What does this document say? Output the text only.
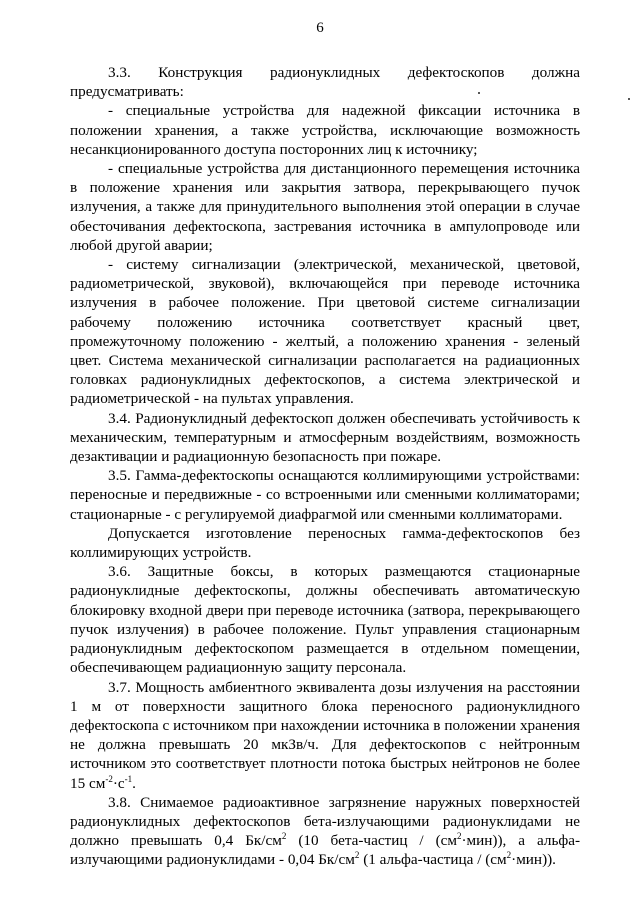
6

3.3. Конструкция радионуклидных дефектоскопов должна предусматривать:

- специальные устройства для надежной фиксации источника в положении хранения, а также устройства, исключающие возможность несанкционированного доступа посторонних лиц к источнику;

- специальные устройства для дистанционного перемещения источника в положение хранения или закрытия затвора, перекрывающего пучок излучения, а также для принудительного выполнения этой операции в случае обесточивания дефектоскопа, застревания источника в ампулопроводе или любой другой аварии;

- систему сигнализации (электрической, механической, цветовой, радиометрической, звуковой), включающейся при переводе источника излучения в рабочее положение. При цветовой системе сигнализации рабочему положению источника соответствует красный цвет, промежуточному положению - желтый, а положению хранения - зеленый цвет. Система механической сигнализации располагается на радиационных головках радионуклидных дефектоскопов, а система электрической и радиометрической - на пультах управления.

3.4. Радионуклидный дефектоскоп должен обеспечивать устойчивость к механическим, температурным и атмосферным воздействиям, возможность дезактивации и радиационную безопасность при пожаре.

3.5. Гамма-дефектоскопы оснащаются коллимирующими устройствами: переносные и передвижные - со встроенными или сменными коллиматорами; стационарные - с регулируемой диафрагмой или сменными коллиматорами.

Допускается изготовление переносных гамма-дефектоскопов без коллимирующих устройств.

3.6. Защитные боксы, в которых размещаются стационарные радионуклидные дефектоскопы, должны обеспечивать автоматическую блокировку входной двери при переводе источника (затвора, перекрывающего пучок излучения) в рабочее положение. Пульт управления стационарным радионуклидным дефектоскопом размещается в отдельном помещении, обеспечивающем радиационную защиту персонала.

3.7. Мощность амбиентного эквивалента дозы излучения на расстоянии 1 м от поверхности защитного блока переносного радионуклидного дефектоскопа с источником при нахождении источника в положении хранения не должна превышать 20 мкЗв/ч. Для дефектоскопов с нейтронным источником это соответствует плотности потока быстрых нейтронов не более 15 $см^{-2}\cdot с^{-1}$.

3.8. Снимаемое радиоактивное загрязнение наружных поверхностей радионуклидных дефектоскопов бета-излучающими радионуклидами не должно превышать 0,4 $Бк/см^2$ (10 бета-частиц / $(см^2\cdot мин)$), а альфа-излучающими радионуклидами - 0,04 $Бк/см^2$ (1 альфа-частица / $(см^2\cdot мин)$).
